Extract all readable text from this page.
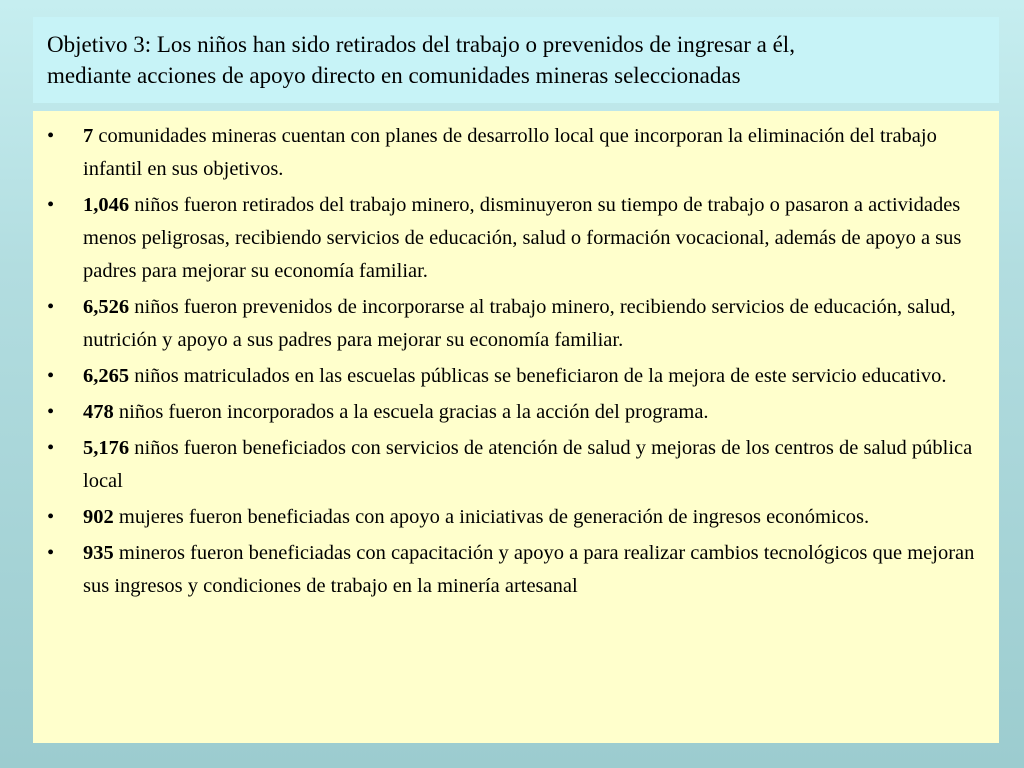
Objetivo 3: Los niños han sido retirados del trabajo o prevenidos de ingresar a él,
mediante acciones de apoyo directo en comunidades mineras seleccionadas
• 7 comunidades mineras cuentan con planes de desarrollo local que incorporan la eliminación del trabajo infantil en sus objetivos.
• 1,046 niños fueron retirados del trabajo minero, disminuyeron su tiempo de trabajo o pasaron a actividades menos peligrosas, recibiendo servicios de educación, salud o formación vocacional, además de apoyo a sus padres para mejorar su economía familiar.
• 6,526 niños fueron prevenidos de incorporarse al trabajo minero, recibiendo servicios de educación, salud, nutrición y apoyo a sus padres para mejorar su economía familiar.
• 6,265 niños matriculados en las escuelas públicas se beneficiaron de la mejora de este servicio educativo.
• 478 niños fueron incorporados a la escuela gracias a la acción del programa.
• 5,176 niños fueron beneficiados con servicios de atención de salud y mejoras de los centros de salud pública local
• 902 mujeres fueron beneficiadas con apoyo a iniciativas de generación de ingresos económicos.
• 935 mineros fueron beneficiadas con capacitación y apoyo a para realizar cambios tecnológicos que mejoran sus ingresos y condiciones de trabajo en la minería artesanal
